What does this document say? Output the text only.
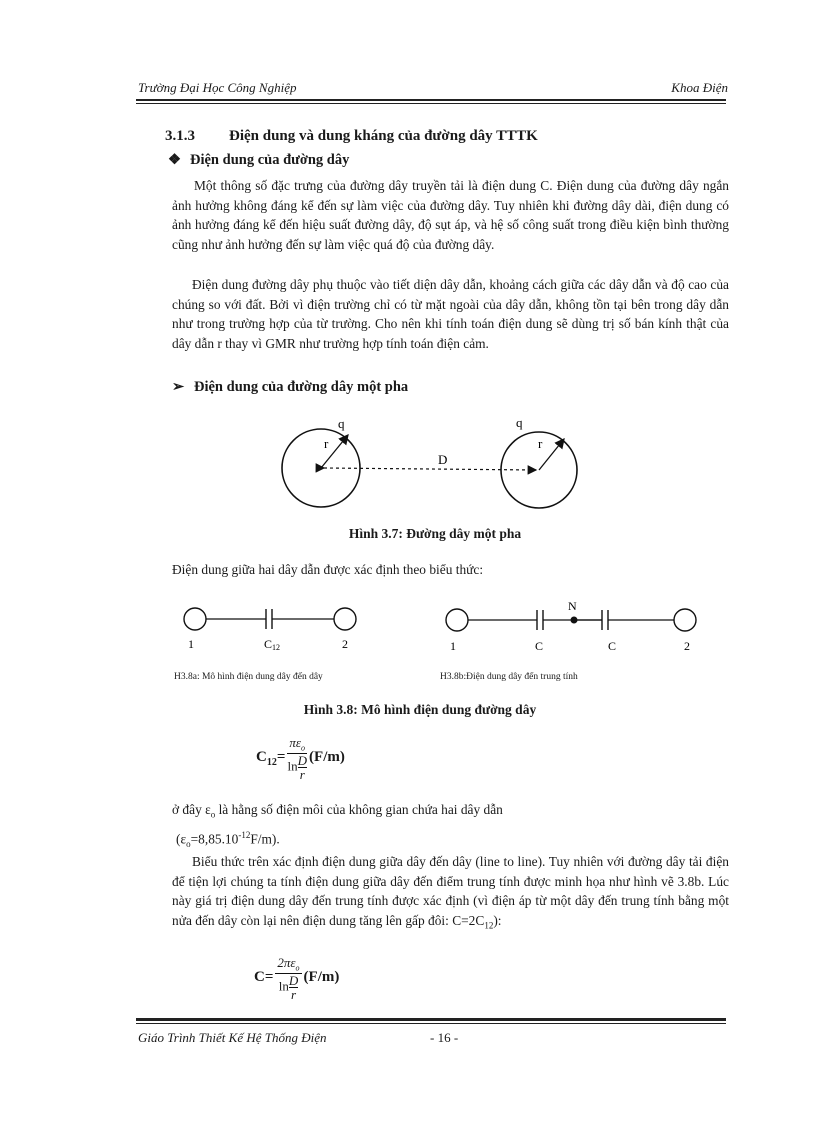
Trường Đại Học Công Nghiệp	Khoa Điện
3.1.3 Điện dung và dung kháng của đường dây TTTK
❖ Điện dung của đường dây
Một thông số đặc trưng của đường dây truyền tải là điện dung C. Điện dung của đường dây ngắn ảnh hưởng không đáng kể đến sự làm việc của đường dây. Tuy nhiên khi đường dây dài, điện dung có ảnh hưởng đáng kể đến hiệu suất đường dây, độ sụt áp, và hệ số công suất trong điều kiện bình thường cũng như ảnh hưởng đến sự làm việc quá độ của đường dây.
Điện dung đường dây phụ thuộc vào tiết diện dây dẫn, khoảng cách giữa các dây dẫn và độ cao của chúng so với đất. Bởi vì điện trường chỉ có từ mặt ngoài của dây dẫn, không tồn tại bên trong dây dẫn như trong trường hợp của từ trường. Cho nên khi tính toán điện dung sẽ dùng trị số bán kính thật của dây dẫn r thay vì GMR như trường hợp tính toán điện cảm.
➢ Điện dung của đường dây một pha
q
r
q
r
D
Hình 3.7: Đường dây một pha
Điện dung giữa hai dây dẫn được xác định theo biểu thức:
1	C12	2
H3.8a: Mô hình điện dung dây đến dây
N
1	C	C	2
H3.8b:Điện dung dây đến trung tính
Hình 3.8: Mô hình điện dung đường dây
$C_{12}= \frac{\pi\varepsilon_o}{\ln \frac{D}{r}} (F/m)$
ở đây $\varepsilon_o$ là hằng số điện môi của không gian chứa hai dây dẫn
$(\varepsilon_o=8,85.10^{-12}F/m)$.
Biểu thức trên xác định điện dung giữa dây đến dây (line to line). Tuy nhiên với đường dây tải điện để tiện lợi chúng ta tính điện dung giữa dây đến điểm trung tính được minh họa như hình vẽ 3.8b. Lúc này giá trị điện dung dây đến trung tính được xác định (vì điện áp từ một dây đến trung tính bằng một nửa đến dây còn lại nên điện dung tăng lên gấp đôi: $C=2C_{12}$):
$C= \frac{2\pi\varepsilon_o}{\ln \frac{D}{r}} (F/m)$
Giáo Trình Thiết Kế Hệ Thống Điện	- 16 -
